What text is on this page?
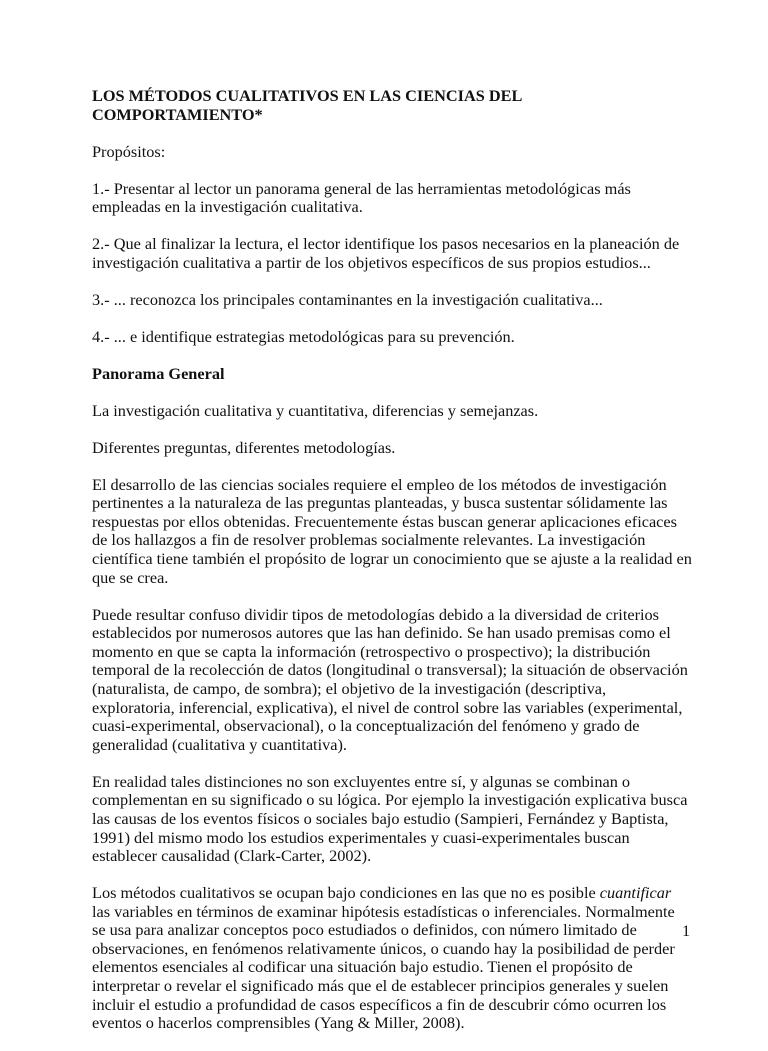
LOS MÉTODOS CUALITATIVOS EN LAS CIENCIAS DEL COMPORTAMIENTO*

Propósitos:

1.- Presentar al lector un panorama general de las herramientas metodológicas más empleadas en la investigación cualitativa.

2.- Que al finalizar la lectura, el lector identifique los pasos necesarios en la planeación de investigación cualitativa a partir de los objetivos específicos de sus propios estudios...

3.- ... reconozca los principales contaminantes en la investigación cualitativa...

4.- ... e identifique estrategias metodológicas para su prevención.

Panorama General

La investigación cualitativa y cuantitativa, diferencias y semejanzas.

Diferentes preguntas, diferentes metodologías.

El desarrollo de las ciencias sociales requiere el empleo de los métodos de investigación pertinentes a la naturaleza de las preguntas planteadas, y busca sustentar sólidamente las respuestas por ellos obtenidas. Frecuentemente éstas buscan generar aplicaciones eficaces de los hallazgos a fin de resolver problemas socialmente relevantes. La investigación científica tiene también el propósito de lograr un conocimiento que se ajuste a la realidad en que se crea.

Puede resultar confuso dividir tipos de metodologías debido a la diversidad de criterios establecidos por numerosos autores que las han definido. Se han usado premisas como el momento en que se capta la información (retrospectivo o prospectivo); la distribución temporal de la recolección de datos (longitudinal o transversal); la situación de observación (naturalista, de campo, de sombra); el objetivo de la investigación (descriptiva, exploratoria, inferencial, explicativa), el nivel de control sobre las variables (experimental, cuasi-experimental, observacional), o la conceptualización del fenómeno y grado de generalidad (cualitativa y cuantitativa).

En realidad tales distinciones no son excluyentes entre sí, y algunas se combinan o complementan en su significado o su lógica. Por ejemplo la investigación explicativa busca las causas de los eventos físicos o sociales bajo estudio (Sampieri, Fernández y Baptista, 1991) del mismo modo los estudios experimentales y cuasi-experimentales buscan establecer causalidad (Clark-Carter, 2002).

Los métodos cualitativos se ocupan bajo condiciones en las que no es posible cuantificar las variables en términos de examinar hipótesis estadísticas o inferenciales. Normalmente se usa para analizar conceptos poco estudiados o definidos, con número limitado de observaciones, en fenómenos relativamente únicos, o cuando hay la posibilidad de perder elementos esenciales al codificar una situación bajo estudio. Tienen el propósito de interpretar o revelar el significado más que el de establecer principios generales y suelen incluir el estudio a profundidad de casos específicos a fin de descubrir cómo ocurren los eventos o hacerlos comprensibles (Yang & Miller, 2008).

1
